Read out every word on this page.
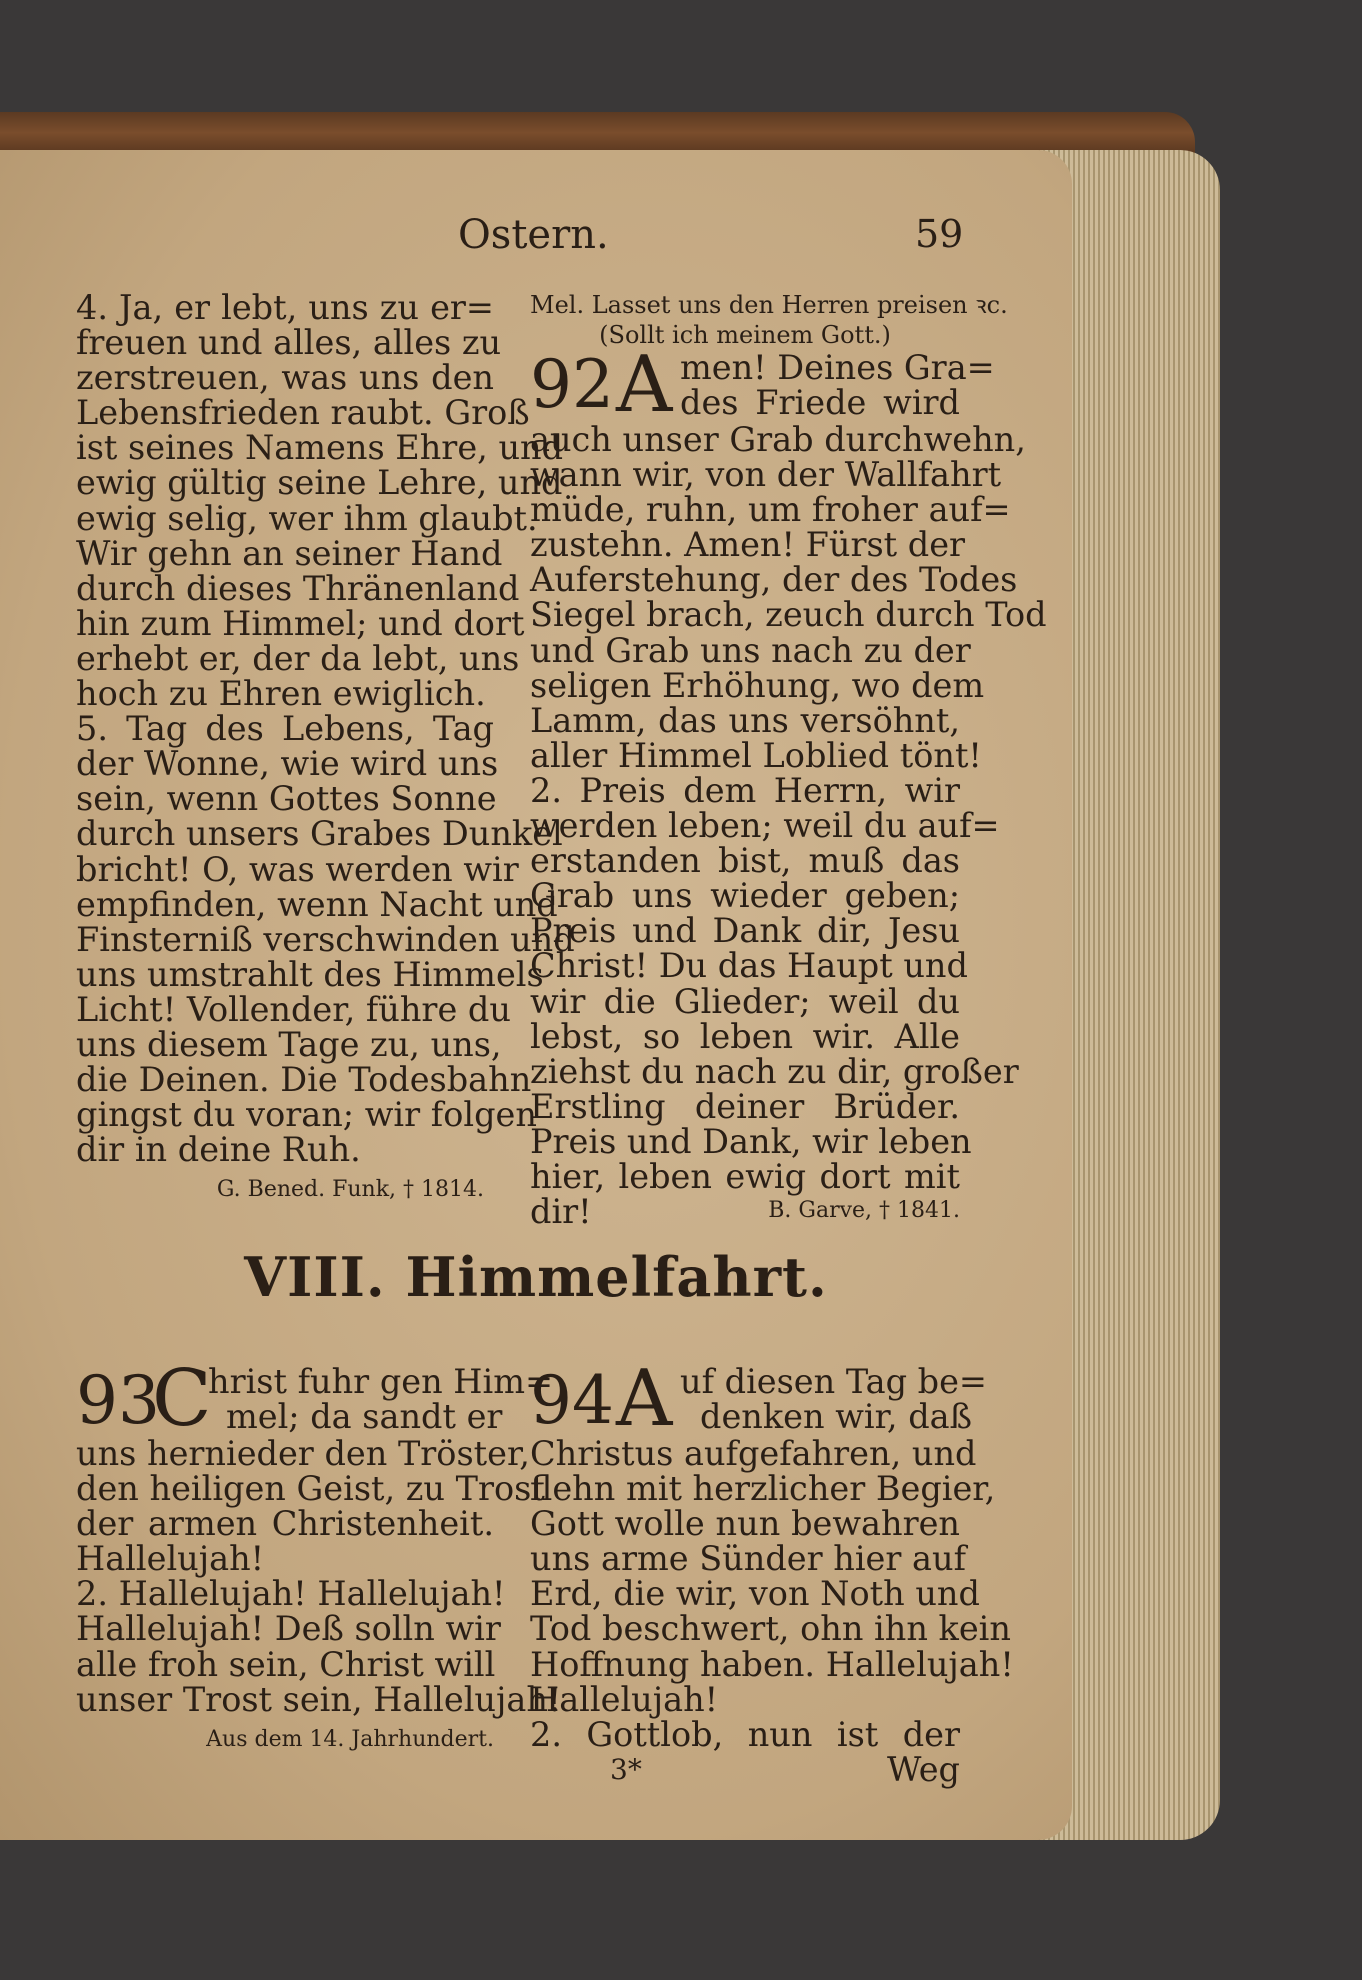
Ostern.	59
4. Ja, er lebt, uns zu er=
freuen und alles, alles zu
zerstreuen, was uns den
Lebensfrieden raubt. Groß
ist seines Namens Ehre, und
ewig gültig seine Lehre, und
ewig selig, wer ihm glaubt.
Wir gehn an seiner Hand
durch dieses Thränenland
hin zum Himmel; und dort
erhebt er, der da lebt, uns
hoch zu Ehren ewiglich.
5. Tag des Lebens, Tag
der Wonne, wie wird uns
sein, wenn Gottes Sonne
durch unsers Grabes Dunkel
bricht! O, was werden wir
empfinden, wenn Nacht und
Finsterniß verschwinden und
uns umstrahlt des Himmels
Licht! Vollender, führe du
uns diesem Tage zu, uns,
die Deinen. Die Todesbahn
gingst du voran; wir folgen
dir in deine Ruh.
G. Bened. Funk, † 1814.
Mel. Lasset uns den Herren preisen ꝛc.
(Sollt ich meinem Gott.)
92 A men! Deines Gra=
des Friede wird
auch unser Grab durchwehn,
wann wir, von der Wallfahrt
müde, ruhn, um froher auf=
zustehn. Amen! Fürst der
Auferstehung, der des Todes
Siegel brach, zeuch durch Tod
und Grab uns nach zu der
seligen Erhöhung, wo dem
Lamm, das uns versöhnt,
aller Himmel Loblied tönt!
2. Preis dem Herrn, wir
werden leben; weil du auf=
erstanden bist, muß das
Grab uns wieder geben;
Preis und Dank dir, Jesu
Christ! Du das Haupt und
wir die Glieder; weil du
lebst, so leben wir. Alle
ziehst du nach zu dir, großer
Erstling deiner Brüder.
Preis und Dank, wir leben
hier, leben ewig dort mit
dir!	B. Garve, † 1841.
VIII. Himmelfahrt.
93
C
hrist fuhr gen Him=
mel; da sandt er
uns hernieder den Tröster,
den heiligen Geist, zu Trost
der armen Christenheit.
Hallelujah!
2. Hallelujah! Hallelujah!
Hallelujah! Deß solln wir
alle froh sein, Christ will
unser Trost sein, Hallelujah!
Aus dem 14. Jahrhundert.
94 A uf diesen Tag be=
denken wir, daß
Christus aufgefahren, und
flehn mit herzlicher Begier,
Gott wolle nun bewahren
uns arme Sünder hier auf
Erd, die wir, von Noth und
Tod beschwert, ohn ihn kein
Hoffnung haben. Hallelujah!
Hallelujah!
2. Gottlob, nun ist der
3*	Weg
